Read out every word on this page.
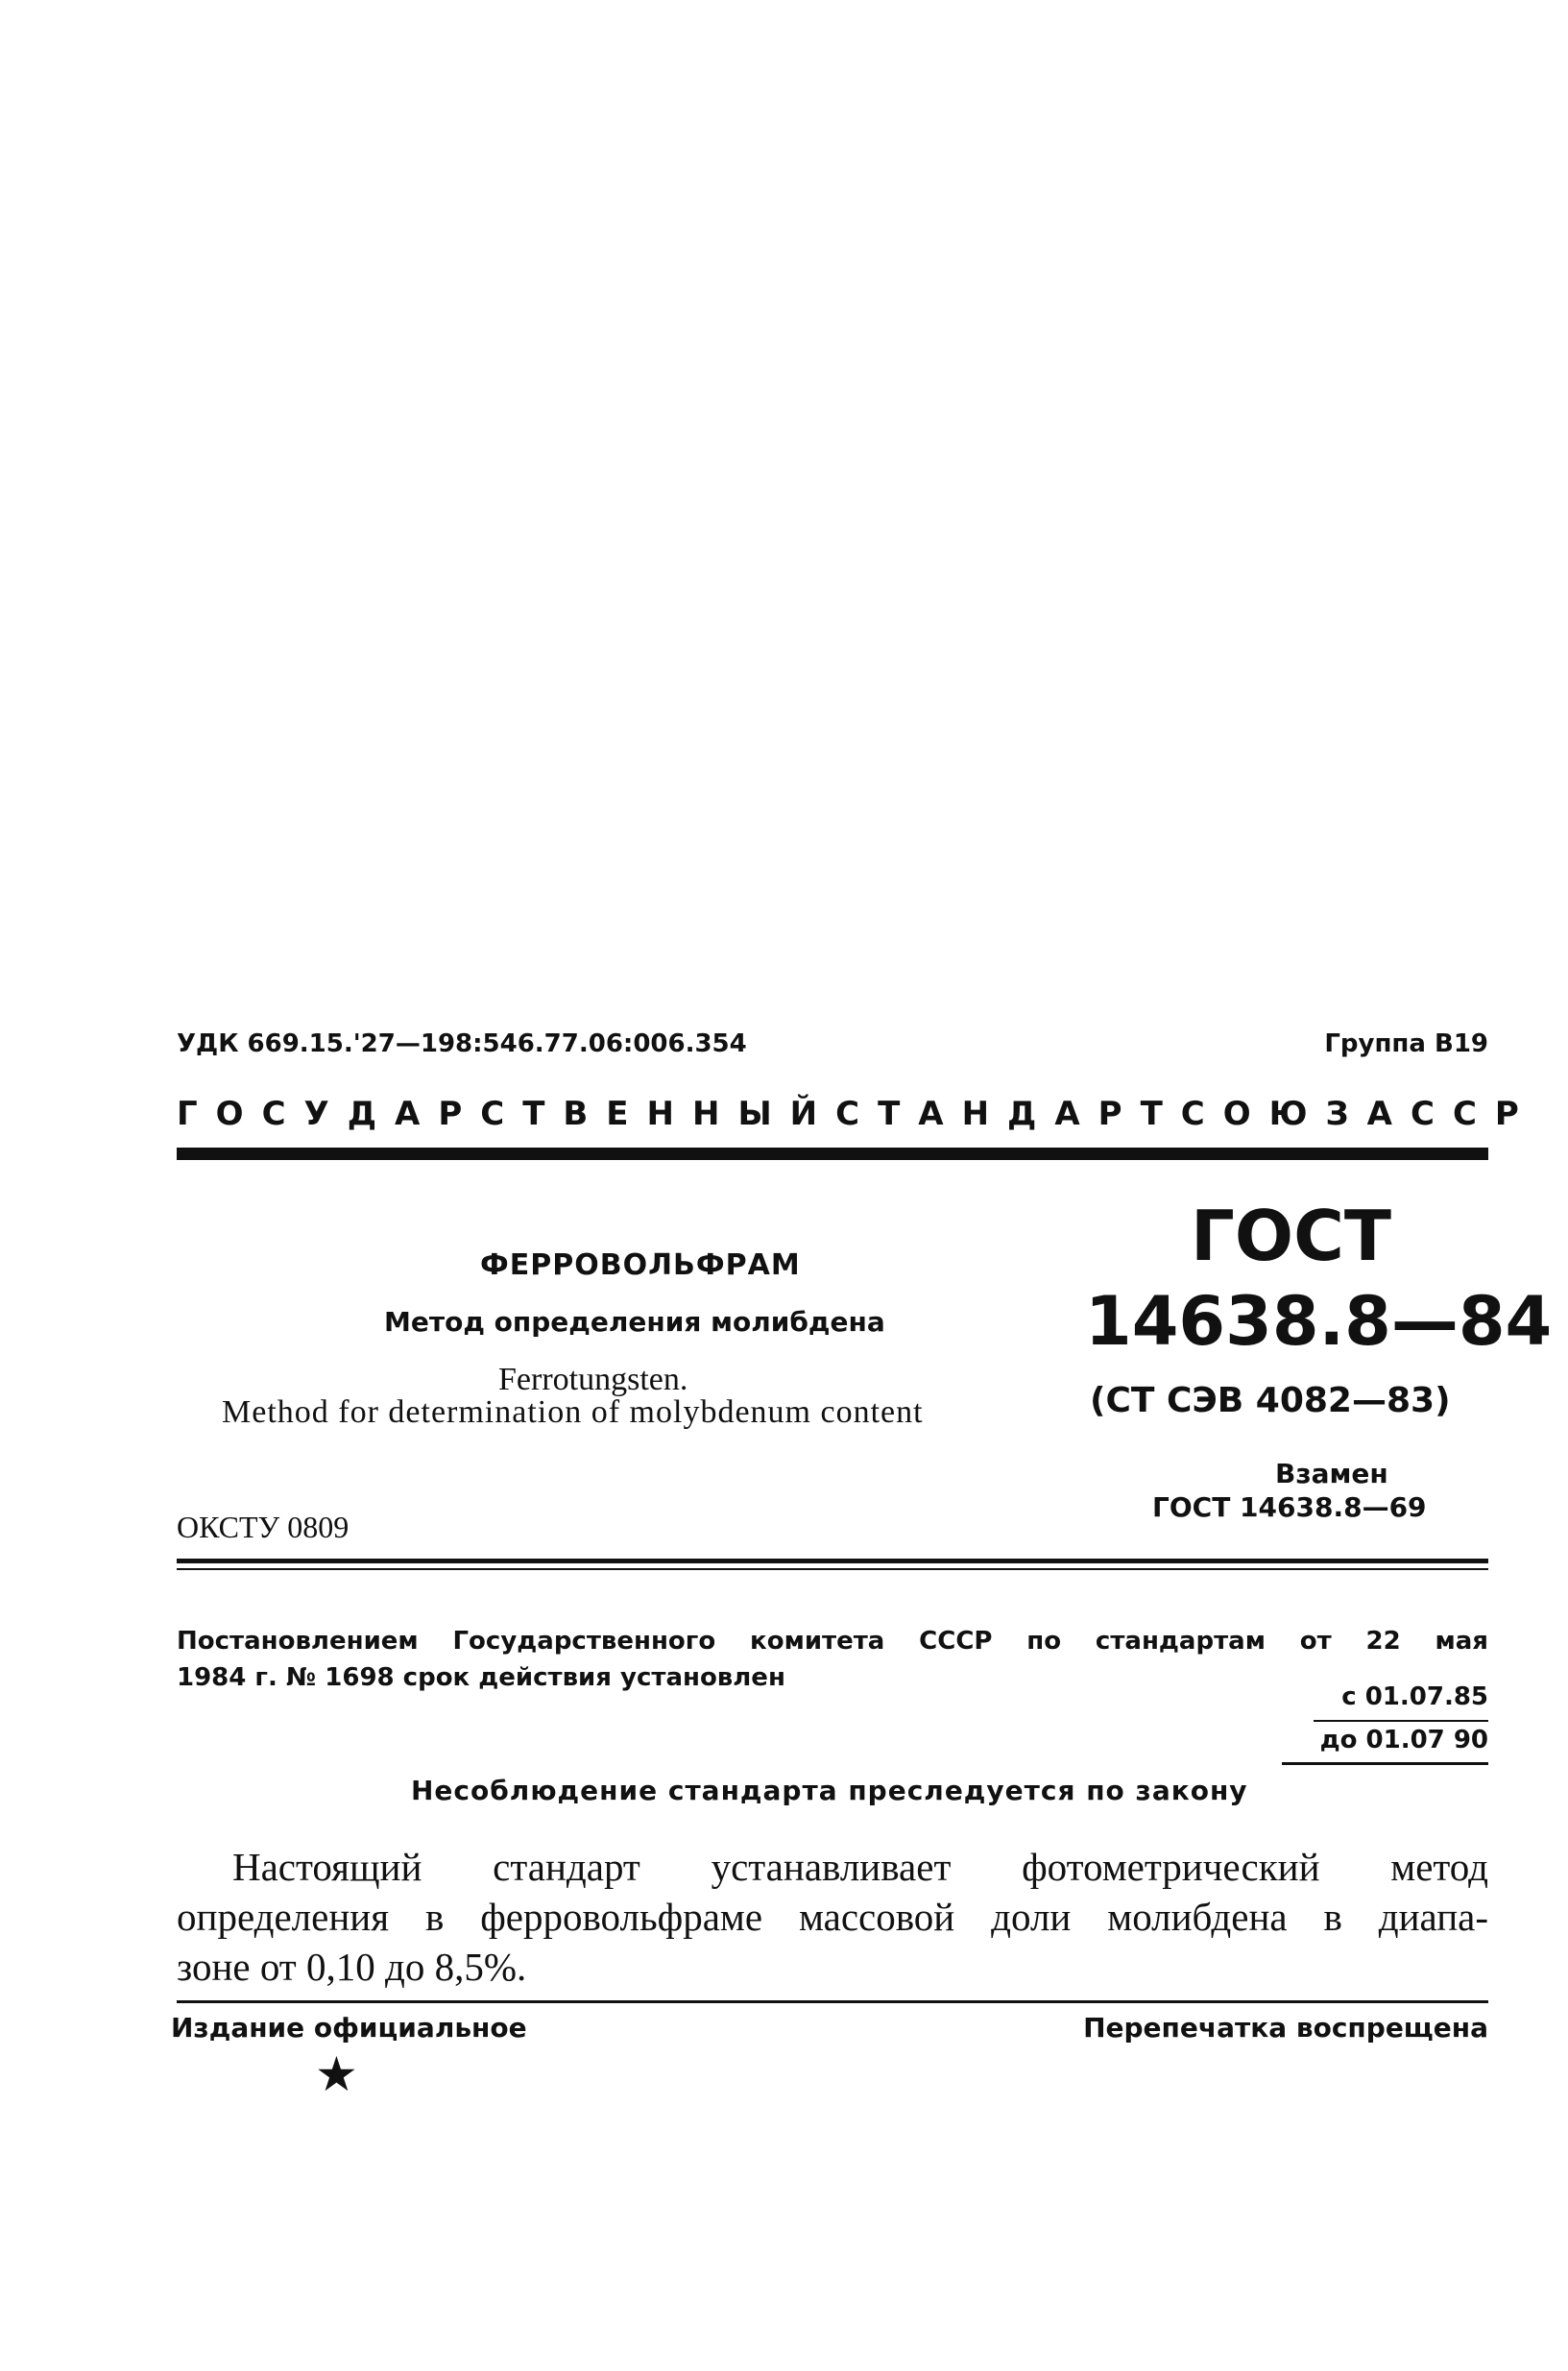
УДК 669.15.'27—198:546.77.06:006.354	Группа В19
ГОСУДАРСТВЕННЫЙ СТАНДАРТ СОЮЗА ССР
ФЕРРОВОЛЬФРАМ
Метод определения молибдена
Ferrotungsten.
Method for determination of molybdenum content
ГОСТ
14638.8—84
(СТ СЭВ 4082—83)
Взамен
ГОСТ 14638.8—69
ОКСТУ 0809
Постановлением Государственного комитета СССР по стандартам от 22 мая
1984 г. № 1698 срок действия установлен
с 01.07.85
до 01.07 90
Несоблюдение стандарта преследуется по закону
Настоящий стандарт устанавливает фотометрический метод
определения в ферровольфраме массовой доли молибдена в диапа-
зоне от 0,10 до 8,5%.
Издание официальное	Перепечатка воспрещена
★
